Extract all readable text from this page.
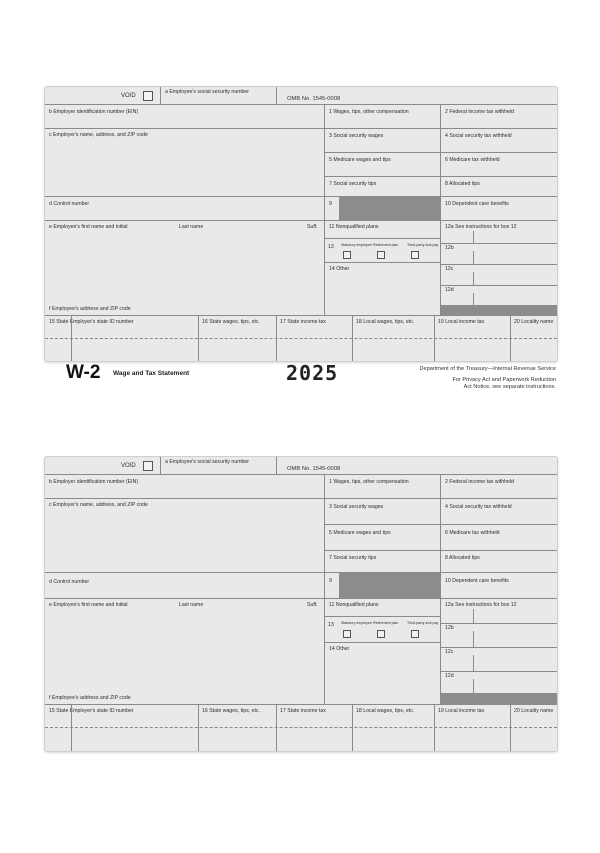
VOID
a Employee's social security number
OMB No. 1545-0008
b Employer identification number (EIN)
c Employer's name, address, and ZIP code
d Control number
e Employee's first name and initial	Last name	Suff.
f Employee's address and ZIP code
1 Wages, tips, other compensation
3 Social security wages
5 Medicare wages and tips
7 Social security tips
9
11 Nonqualified plans
13 Statutory employee Retirement plan Third-party sick pay
14 Other
2 Federal income tax withheld
4 Social security tax withheld
6 Medicare tax withheld
8 Allocated tips
10 Dependent care benefits
12a See instructions for box 12
12b
12c
12d
15 State Employer's state ID number	16 State wages, tips, etc.	17 State income tax	18 Local wages, tips, etc.	19 Local income tax	20 Locality name
W-2 Wage and Tax Statement	2025	Department of the Treasury—Internal Revenue Service
For Privacy Act and Paperwork Reduction
Act Notice, see separate instructions.
VOID
a Employee's social security number
OMB No. 1545-0008
b Employer identification number (EIN)
c Employer's name, address, and ZIP code
d Control number
e Employee's first name and initial	Last name	Suff.
f Employee's address and ZIP code
1 Wages, tips, other compensation
3 Social security wages
5 Medicare wages and tips
7 Social security tips
9
11 Nonqualified plans
13 Statutory employee Retirement plan Third-party sick pay
14 Other
2 Federal income tax withheld
4 Social security tax withheld
6 Medicare tax withheld
8 Allocated tips
10 Dependent care benefits
12a See instructions for box 12
12b
12c
12d
15 State Employer's state ID number	16 State wages, tips, etc.	17 State income tax	18 Local wages, tips, etc.	19 Local income tax	20 Locality name
